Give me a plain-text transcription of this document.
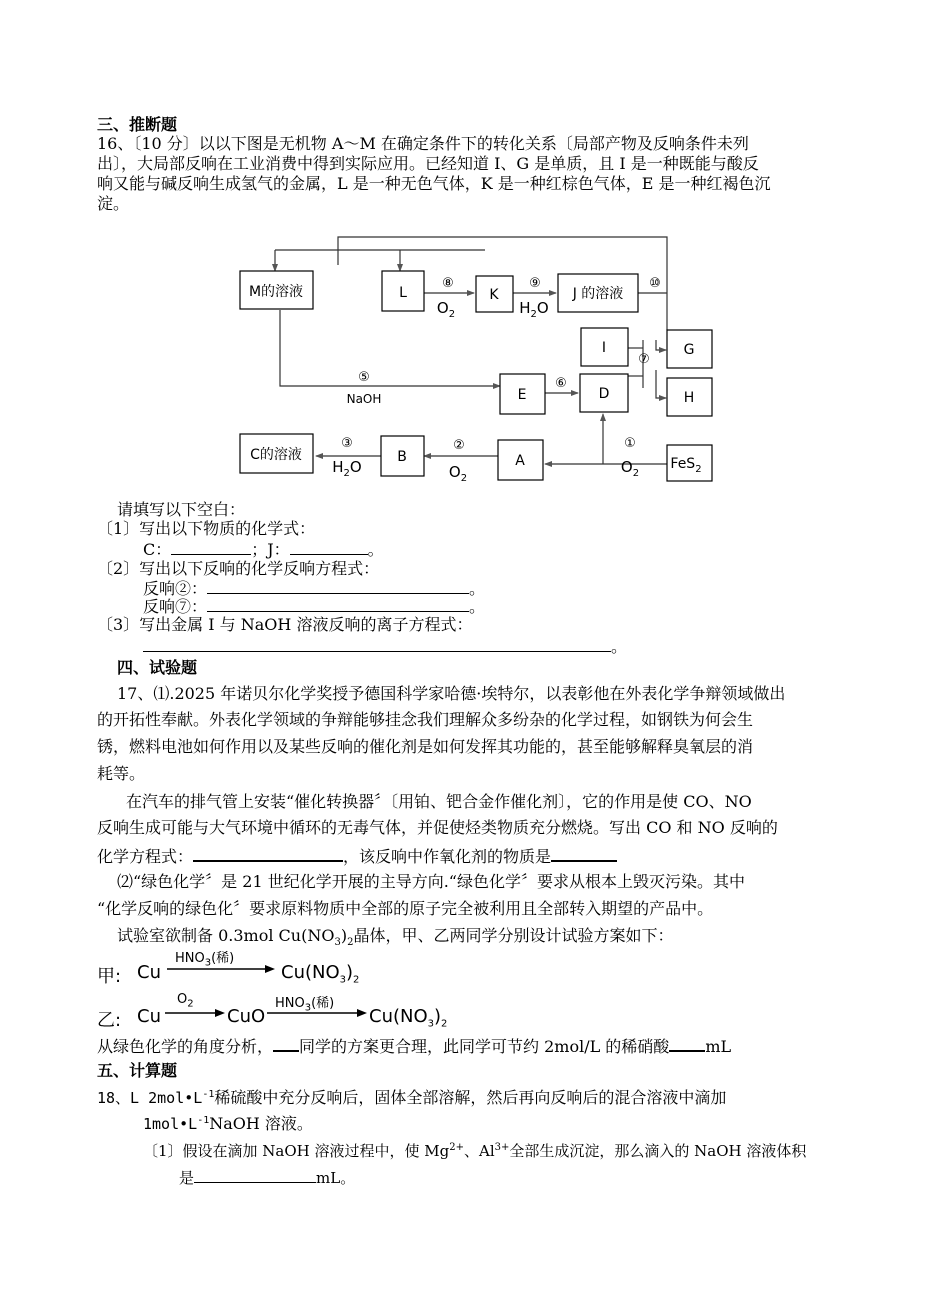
三、推断题
16、〔10 分〕以以下图是无机物 A～M 在确定条件下的转化关系〔局部产物及反响条件未列
出〕，大局部反响在工业消费中得到实际应用。已经知道 I、G 是单质，且 I 是一种既能与酸反
响又能与碱反响生成氢气的金属，L 是一种无色气体，K 是一种红棕色气体，E 是一种红褐色沉
淀。
M的溶液	L	K	J 的溶液
I	G
E	D	H
C的溶液	B	A	FeS$_2$
⑧
$O_2$
⑨
$H_2O$
⑩
⑦
⑤
NaOH
⑥
③
$H_2O$
②
$O_2$
①
$O_2$
请填写以下空白：
〔1〕写出以下物质的化学式：
C：	；J：	。
〔2〕写出以下反响的化学反响方程式：
反响②：	。
反响⑦：	。
〔3〕写出金属 I 与 NaOH 溶液反响的离子方程式：
。
四、试验题
17、⑴.2025 年诺贝尔化学奖授予德国科学家哈德·埃特尔，以表彰他在外表化学争辩领域做出
的开拓性奉献。外表化学领域的争辩能够挂念我们理解众多纷杂的化学过程，如钢铁为何会生
锈，燃料电池如何作用以及某些反响的催化剂是如何发挥其功能的，甚至能够解释臭氧层的消
耗等。
在汽车的排气管上安装“催化转换器〞〔用铂、钯合金作催化剂〕，它的作用是使 CO、NO
反响生成可能与大气环境中循环的无毒气体，并促使烃类物质充分燃烧。写出 CO 和 NO 反响的
化学方程式：	，该反响中作氧化剂的物质是
⑵“绿色化学〞是 21 世纪化学开展的主导方向.“绿色化学〞要求从根本上毁灭污染。其中
“化学反响的绿色化〞要求原料物质中全部的原子完全被利用且全部转入期望的产品中。
试验室欲制备 0.3mol $Cu(NO_3)_2$晶体，甲、乙两同学分别设计试验方案如下：
甲: Cu
$HNO_3$(稀)
$Cu(NO_3)_2$
乙: Cu
$O_2$
CuO
$HNO_3$(稀)
$Cu(NO_3)_2$
从绿色化学的角度分析， 同学的方案更合理，此同学可节约 2mol/L 的稀硝酸 mL
五、计算题
18、L $2mol•L^{-1}$稀硫酸中充分反响后，固体全部溶解，然后再向反响后的混合溶液中滴加
$1mol•L^{-1}NaOH$ 溶液。
〔1〕假设在滴加 NaOH 溶液过程中，使 $Mg^{2+}$、$Al^{3+}$全部生成沉淀，那么滴入的 NaOH 溶液体积
是	mL。
